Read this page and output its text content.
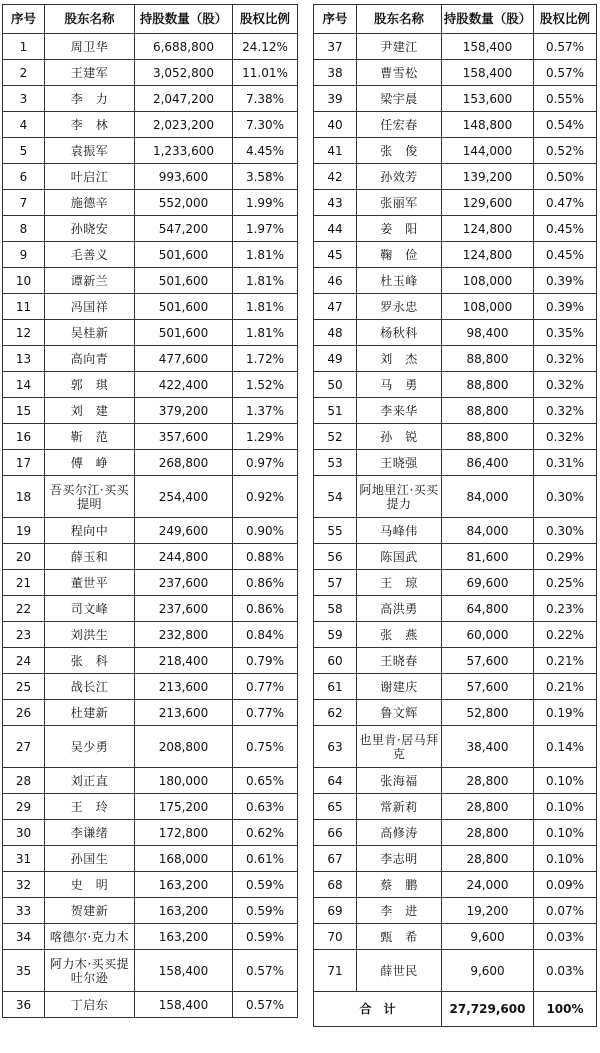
序号	股东名称	持股数量（股）	股权比例
1	周卫华	6,688,800	24.12%
2	王建军	3,052,800	11.01%
3	李　力	2,047,200	7.38%
4	李　林	2,023,200	7.30%
5	袁振军	1,233,600	4.45%
6	叶启江	993,600	3.58%
7	施德辛	552,000	1.99%
8	孙晓安	547,200	1.97%
9	毛善义	501,600	1.81%
10	谭新兰	501,600	1.81%
11	冯国祥	501,600	1.81%
12	吴桂新	501,600	1.81%
13	高向青	477,600	1.72%
14	郭　琪	422,400	1.52%
15	刘　建	379,200	1.37%
16	靳　范	357,600	1.29%
17	傅　峥	268,800	0.97%
18	吾买尔江·买买提明	254,400	0.92%
19	程向中	249,600	0.90%
20	薛玉和	244,800	0.88%
21	董世平	237,600	0.86%
22	司文峰	237,600	0.86%
23	刘洪生	232,800	0.84%
24	张　科	218,400	0.79%
25	战长江	213,600	0.77%
26	杜建新	213,600	0.77%
27	吴少勇	208,800	0.75%
28	刘正直	180,000	0.65%
29	王　玲	175,200	0.63%
30	李谦绪	172,800	0.62%
31	孙国生	168,000	0.61%
32	史　明	163,200	0.59%
33	贺建新	163,200	0.59%
34	喀德尔·克力木	163,200	0.59%
35	阿力木·买买提吐尔逊	158,400	0.57%
36	丁启东	158,400	0.57%
序号	股东名称	持股数量（股）	股权比例
37	尹建江	158,400	0.57%
38	曹雪松	158,400	0.57%
39	梁宇晨	153,600	0.55%
40	任宏春	148,800	0.54%
41	张　俊	144,000	0.52%
42	孙效芳	139,200	0.50%
43	张丽军	129,600	0.47%
44	姜　阳	124,800	0.45%
45	鞠　俭	124,800	0.45%
46	杜玉峰	108,000	0.39%
47	罗永忠	108,000	0.39%
48	杨秋科	98,400	0.35%
49	刘　杰	88,800	0.32%
50	马　勇	88,800	0.32%
51	李来华	88,800	0.32%
52	孙　锐	88,800	0.32%
53	王晓强	86,400	0.31%
54	阿地里江·买买提力	84,000	0.30%
55	马峰伟	84,000	0.30%
56	陈国武	81,600	0.29%
57	王　琼	69,600	0.25%
58	高洪勇	64,800	0.23%
59	张　燕	60,000	0.22%
60	王晓春	57,600	0.21%
61	谢建庆	57,600	0.21%
62	鲁文辉	52,800	0.19%
63	也里肯·居马拜克	38,400	0.14%
64	张海福	28,800	0.10%
65	常新莉	28,800	0.10%
66	高修涛	28,800	0.10%
67	李志明	28,800	0.10%
68	蔡　鹏	24,000	0.09%
69	李　进	19,200	0.07%
70	甄　希	9,600	0.03%
71	薛世民	9,600	0.03%
合　计		27,729,600	100%
